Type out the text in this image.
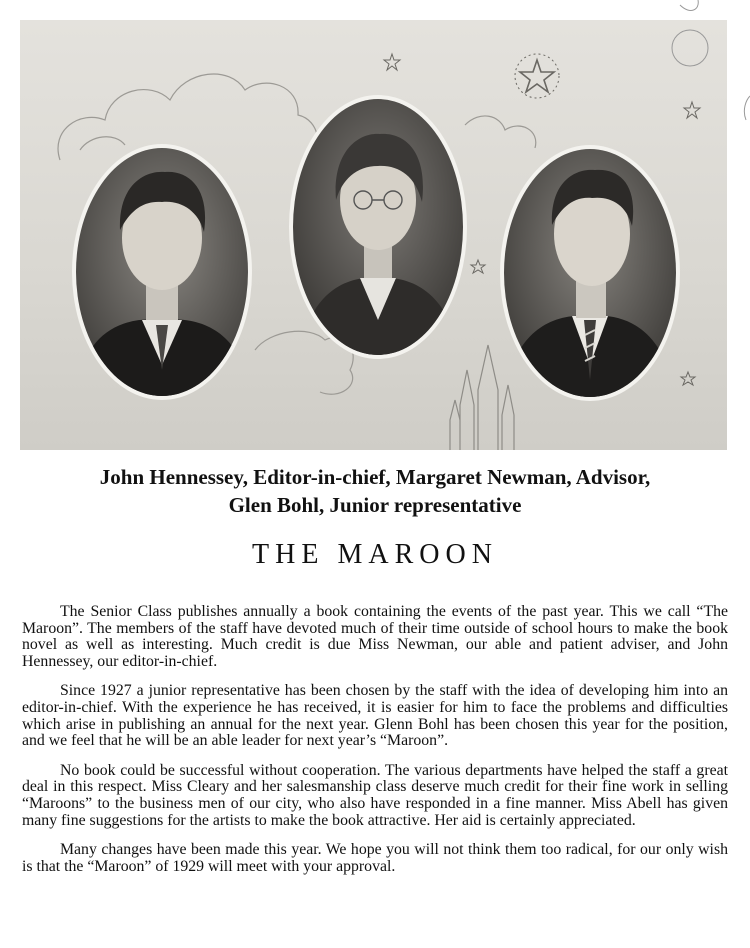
John Hennessey, Editor-in-chief, Margaret Newman, Advisor,
Glen Bohl, Junior representative
THE MAROON

The Senior Class publishes annually a book containing the events of the past year. This we call “The Maroon”. The members of the staff have devoted much of their time outside of school hours to make the book novel as well as interesting. Much credit is due Miss Newman, our able and patient adviser, and John Hennessey, our editor-in-chief.

Since 1927 a junior representative has been chosen by the staff with the idea of developing him into an editor-in-chief. With the experience he has received, it is easier for him to face the problems and difficulties which arise in publishing an annual for the next year. Glenn Bohl has been chosen this year for the position, and we feel that he will be an able leader for next year’s “Maroon”.

No book could be successful without cooperation. The various departments have helped the staff a great deal in this respect. Miss Cleary and her salesmanship class deserve much credit for their fine work in selling “Maroons” to the business men of our city, who also have responded in a fine manner. Miss Abell has given many fine suggestions for the artists to make the book attractive. Her aid is certainly appreciated.

Many changes have been made this year. We hope you will not think them too radical, for our only wish is that the “Maroon” of 1929 will meet with your approval.
